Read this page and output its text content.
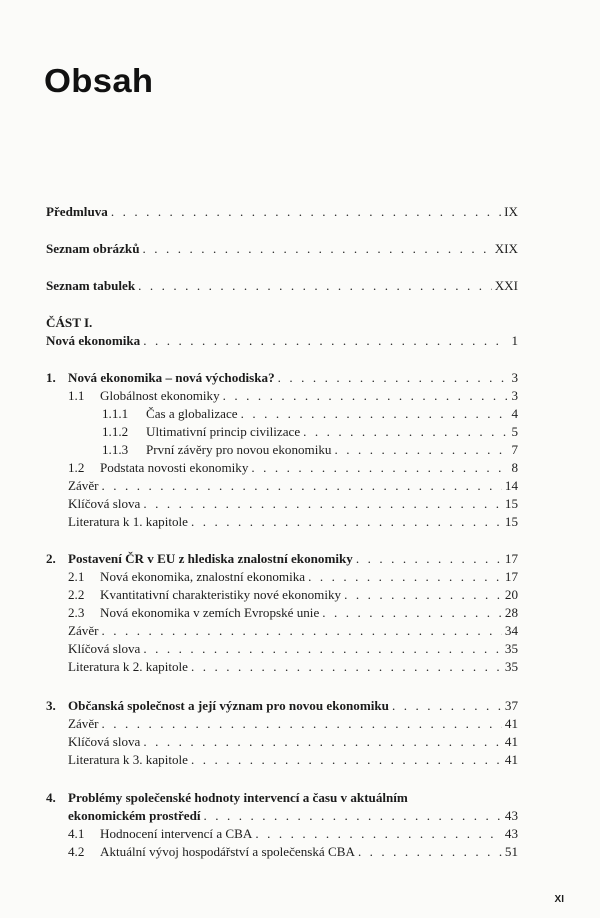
Obsah
Předmluva . . .	IX
Seznam obrázků . . .	XIX
Seznam tabulek . . .	XXI
ČÁST I.
Nová ekonomika . . .	1
1. Nová ekonomika – nová východiska? . . .	3
1.1	Globálnost ekonomiky . . .	3
1.1.1	Čas a globalizace . . .	4
1.1.2	Ultimativní princip civilizace . . .	5
1.1.3	První závěry pro novou ekonomiku . . .	7
1.2	Podstata novosti ekonomiky . . .	8
Závěr . . .	14
Klíčová slova . . .	15
Literatura k 1. kapitole . . .	15
2. Postavení ČR v EU z hlediska znalostní ekonomiky . . .	17
2.1	Nová ekonomika, znalostní ekonomika . . .	17
2.2	Kvantitativní charakteristiky nové ekonomiky . . .	20
2.3	Nová ekonomika v zemích Evropské unie . . .	28
Závěr . . .	34
Klíčová slova . . .	35
Literatura k 2. kapitole . . .	35
3. Občanská společnost a její význam pro novou ekonomiku . . .	37
Závěr . . .	41
Klíčová slova . . .	41
Literatura k 3. kapitole . . .	41
4. Problémy společenské hodnoty intervencí a času v aktuálním
ekonomickém prostředí . . .	43
4.1	Hodnocení intervencí a CBA . . .	43
4.2	Aktuální vývoj hospodářství a společenská CBA . . .	51
XI
